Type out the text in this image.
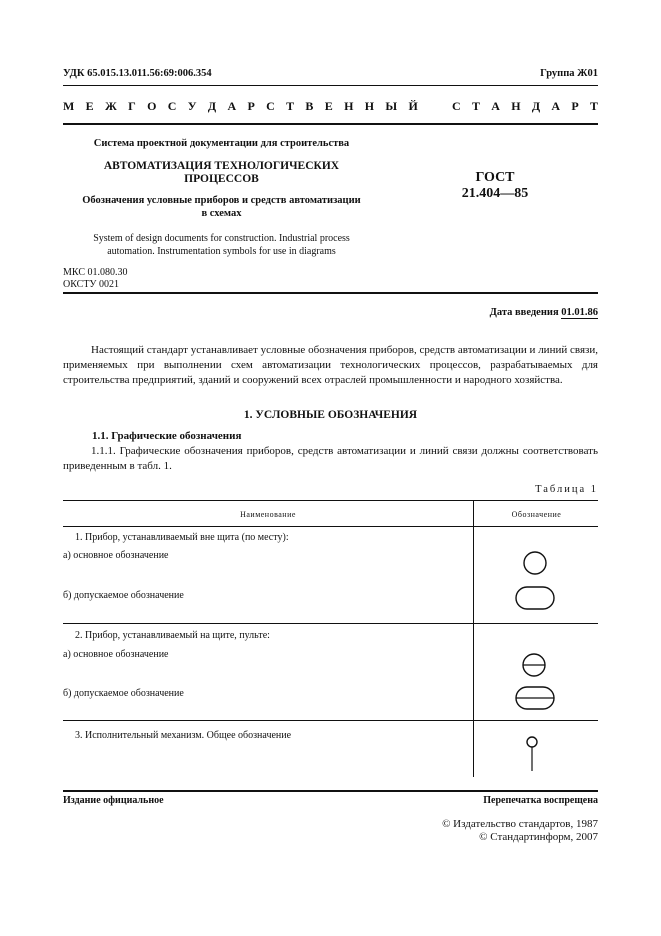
УДК 65.015.13.011.56:69:006.354	Группа Ж01
М Е Ж Г О С У Д А Р С Т В Е Н Н Ы Й	С Т А Н Д А Р Т
Система проектной документации для строительства
АВТОМАТИЗАЦИЯ ТЕХНОЛОГИЧЕСКИХ
ПРОЦЕССОВ
Обозначения условные приборов и средств автоматизации
в схемах
System of design documents for construction. Industrial process
automation. Instrumentation symbols for use in diagrams
ГОСТ
21.404—85
МКС 01.080.30
ОКСТУ 0021
Дата введения 01.01.86
Настоящий стандарт устанавливает условные обозначения приборов, средств автоматизации и линий связи, применяемых при выполнении схем автоматизации технологических процессов, разрабатываемых для строительства предприятий, зданий и сооружений всех отраслей промышленности и народного хозяйства.
1. УСЛОВНЫЕ ОБОЗНАЧЕНИЯ
1.1. Графические обозначения
1.1.1. Графические обозначения приборов, средств автоматизации и линий связи должны соответствовать приведенным в табл. 1.
Таблица 1
Наименование	Обозначение
1. Прибор, устанавливаемый вне щита (по месту):
а) основное обозначение
б) допускаемое обозначение
2. Прибор, устанавливаемый на щите, пульте:
а) основное обозначение
б) допускаемое обозначение
3. Исполнительный механизм. Общее обозначение
Издание официальное	Перепечатка воспрещена
© Издательство стандартов, 1987
© Стандартинформ, 2007
